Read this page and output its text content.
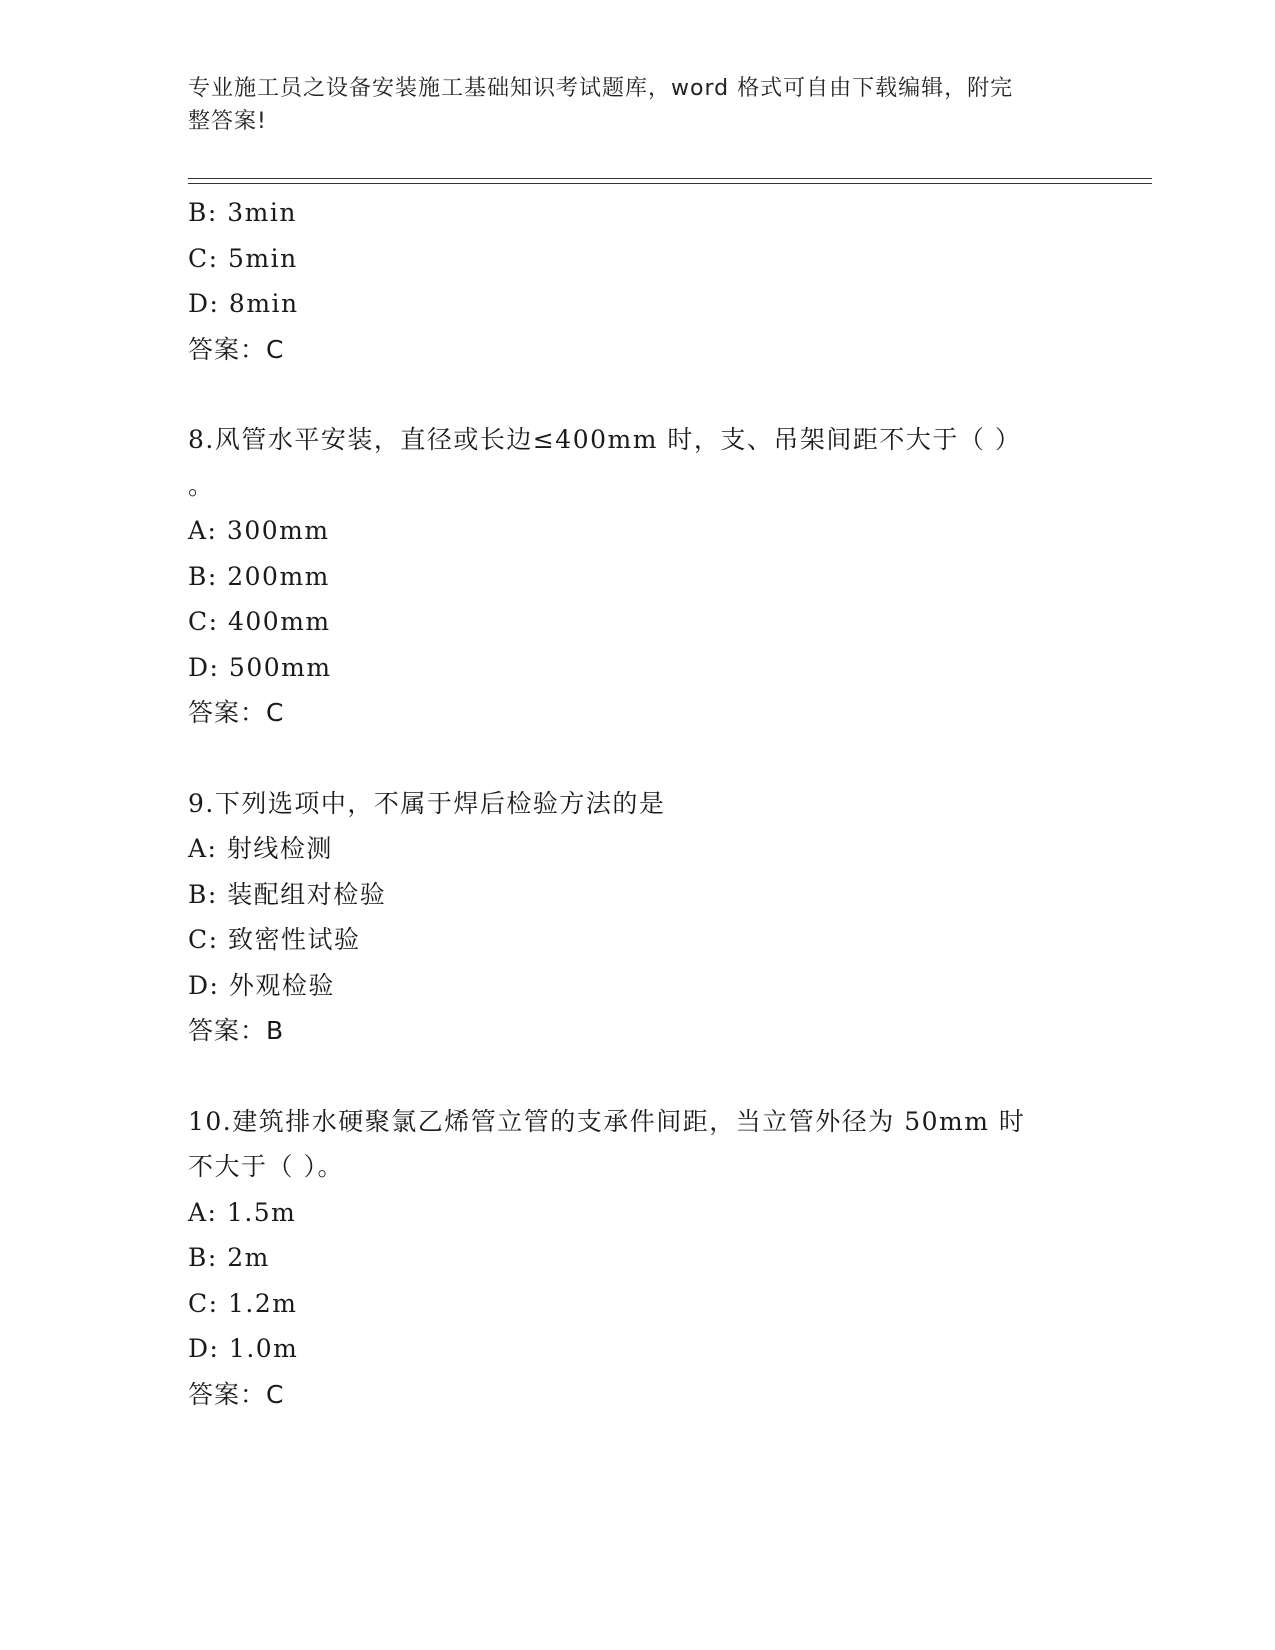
专业施工员之设备安装施工基础知识考试题库，word 格式可自由下载编辑，附完
整答案!
B: 3min
C: 5min
D: 8min
答案：C
8.风管水平安装，直径或长边≤400mm 时，支、吊架间距不大于（ ）
。
A: 300mm
B: 200mm
C: 400mm
D: 500mm
答案：C
9.下列选项中，不属于焊后检验方法的是
A: 射线检测
B: 装配组对检验
C: 致密性试验
D: 外观检验
答案：B
10.建筑排水硬聚氯乙烯管立管的支承件间距，当立管外径为 50mm 时
不大于（ ）。
A: 1.5m
B: 2m
C: 1.2m
D: 1.0m
答案：C
